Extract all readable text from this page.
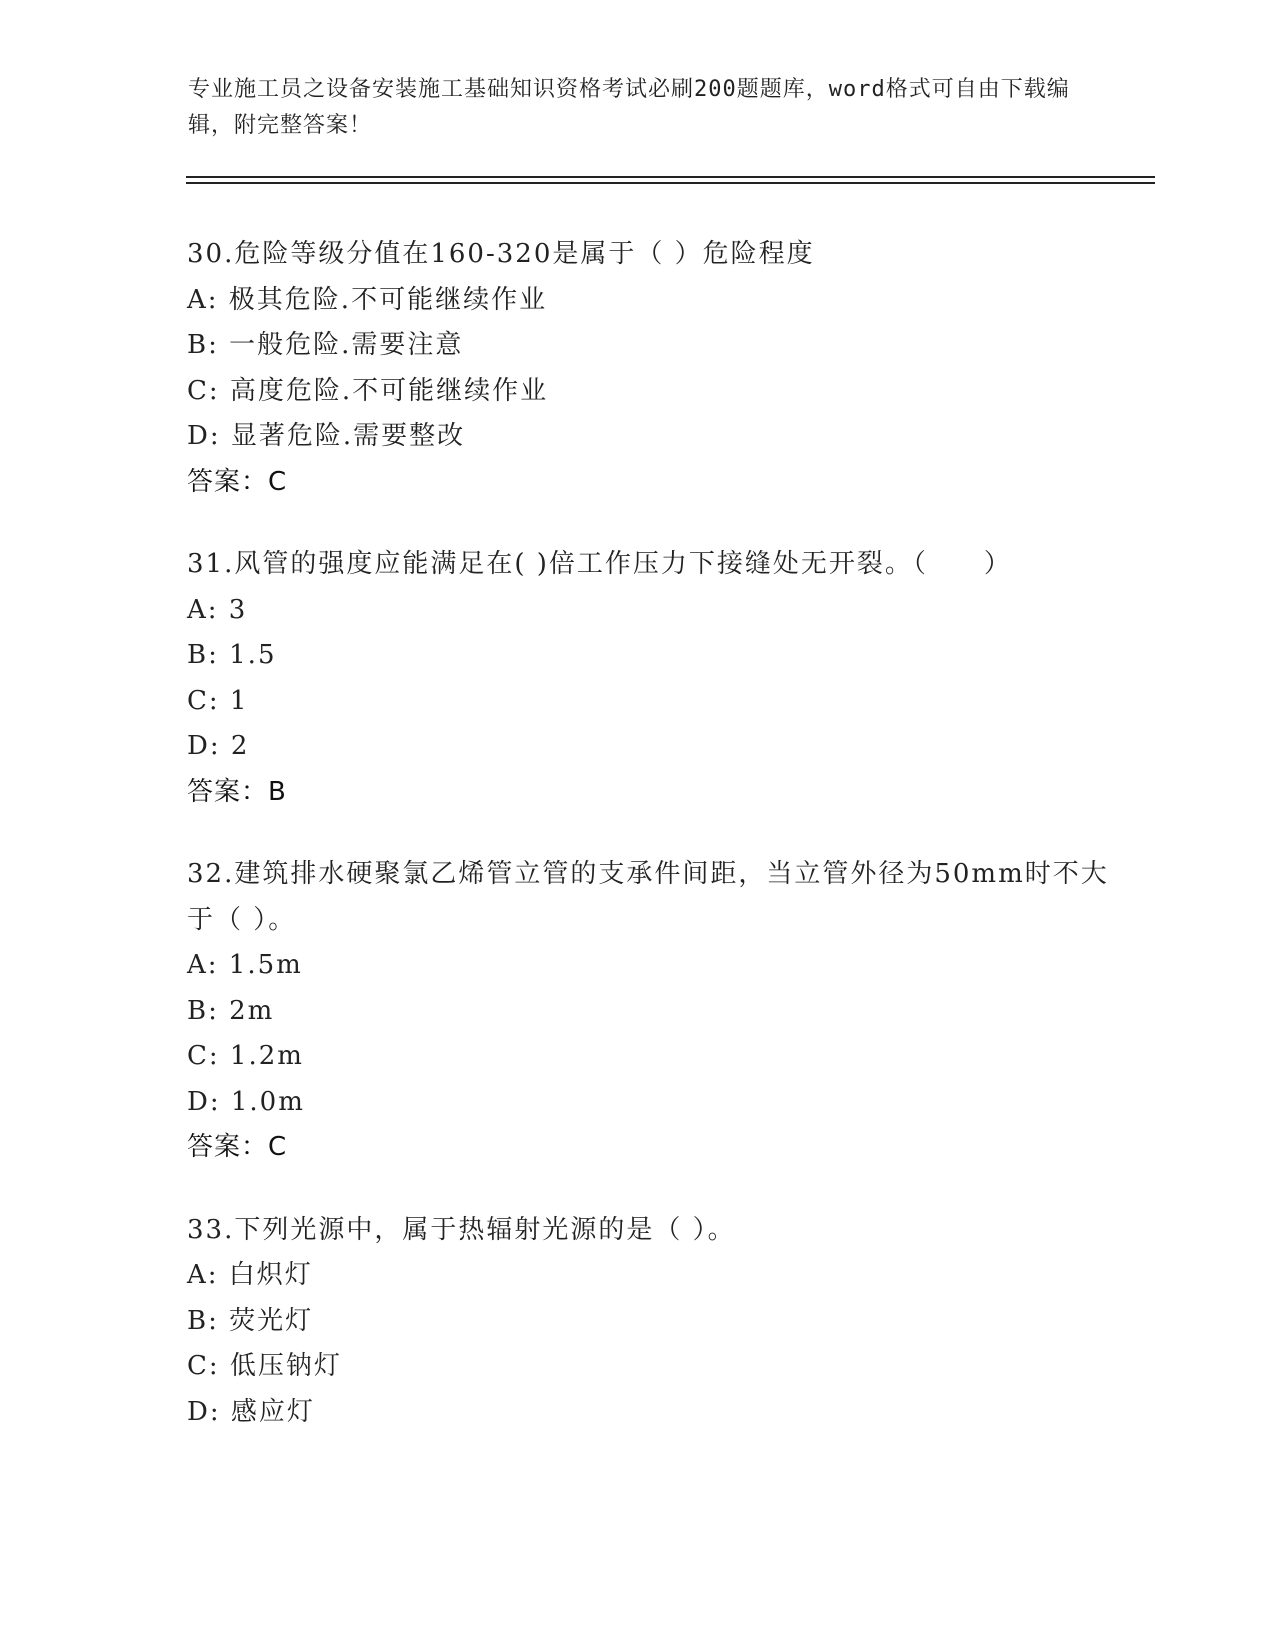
专业施工员之设备安装施工基础知识资格考试必刷200题题库，word格式可自由下载编辑，附完整答案！

30.危险等级分值在160-320是属于（ ）危险程度

A: 极其危险.不可能继续作业

B: 一般危险.需要注意

C: 高度危险.不可能继续作业

D: 显著危险.需要整改

答案：C

31.风管的强度应能满足在( )倍工作压力下接缝处无开裂。（　　）

A: 3

B: 1.5

C: 1

D: 2

答案：B

32.建筑排水硬聚氯乙烯管立管的支承件间距，当立管外径为50mm时不大于（ ）。

A: 1.5m

B: 2m

C: 1.2m

D: 1.0m

答案：C

33.下列光源中，属于热辐射光源的是（ ）。

A: 白炽灯

B: 荧光灯

C: 低压钠灯

D: 感应灯
